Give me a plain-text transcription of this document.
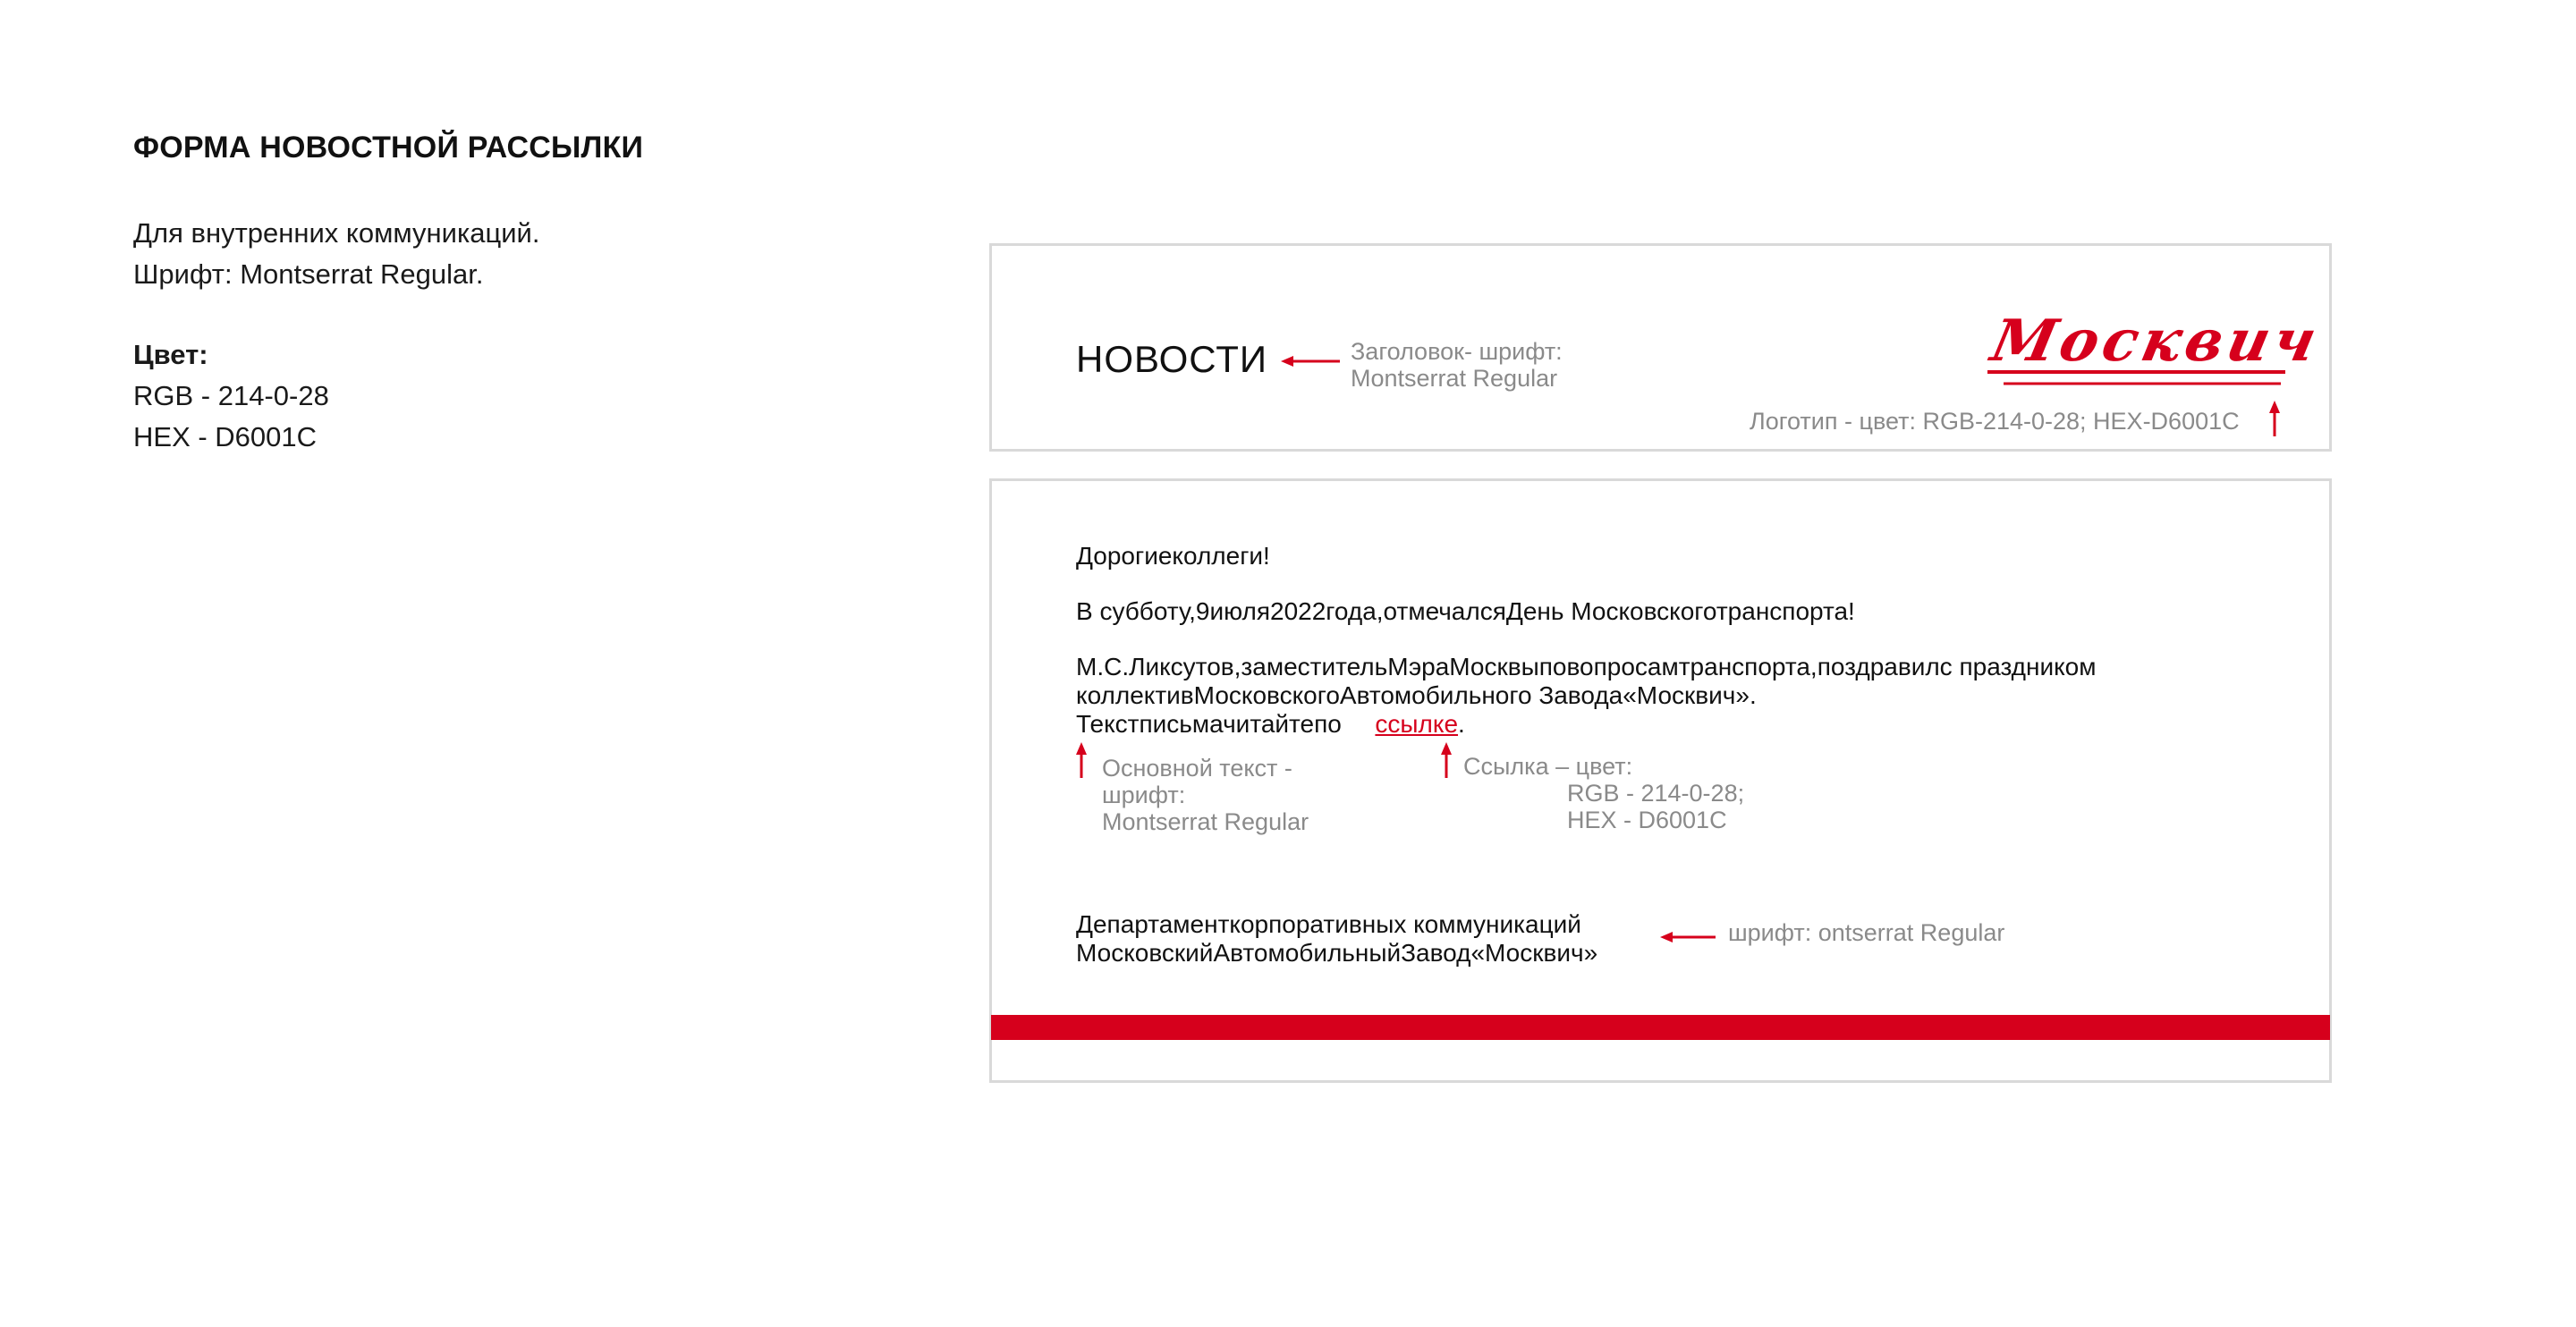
ФОРМА НОВОСТНОЙ РАССЫЛКИ
Для внутренних коммуникаций.
Шрифт: Montserrat Regular.
Цвет:
RGB - 214-0-28
HEX - D6001C
НОВОСТИ	Заголовок- шрифт:
Montserrat Regular
Москвич
Логотип - цвет: RGB-214-0-28; HEX-D6001C
Дорогиеколлеги!
В субботу,9июля2022года,отмечалсяДень Московскоготранспорта!
М.С.Ликсутов,заместительМэраМосквыповопросамтранспорта,поздравилс праздником
коллективМосковскогоАвтомобильного Завода«Москвич».
Текстписьмачитайтепо ссылке.
Основной текст -
шрифт:
Montserrat Regular
Ссылка – цвет:
RGB - 214-0-28;
HEX - D6001C
Департаменткорпоративных коммуникаций
МосковскийАвтомобильныйЗавод«Москвич»
шрифт: ontserrat Regular
